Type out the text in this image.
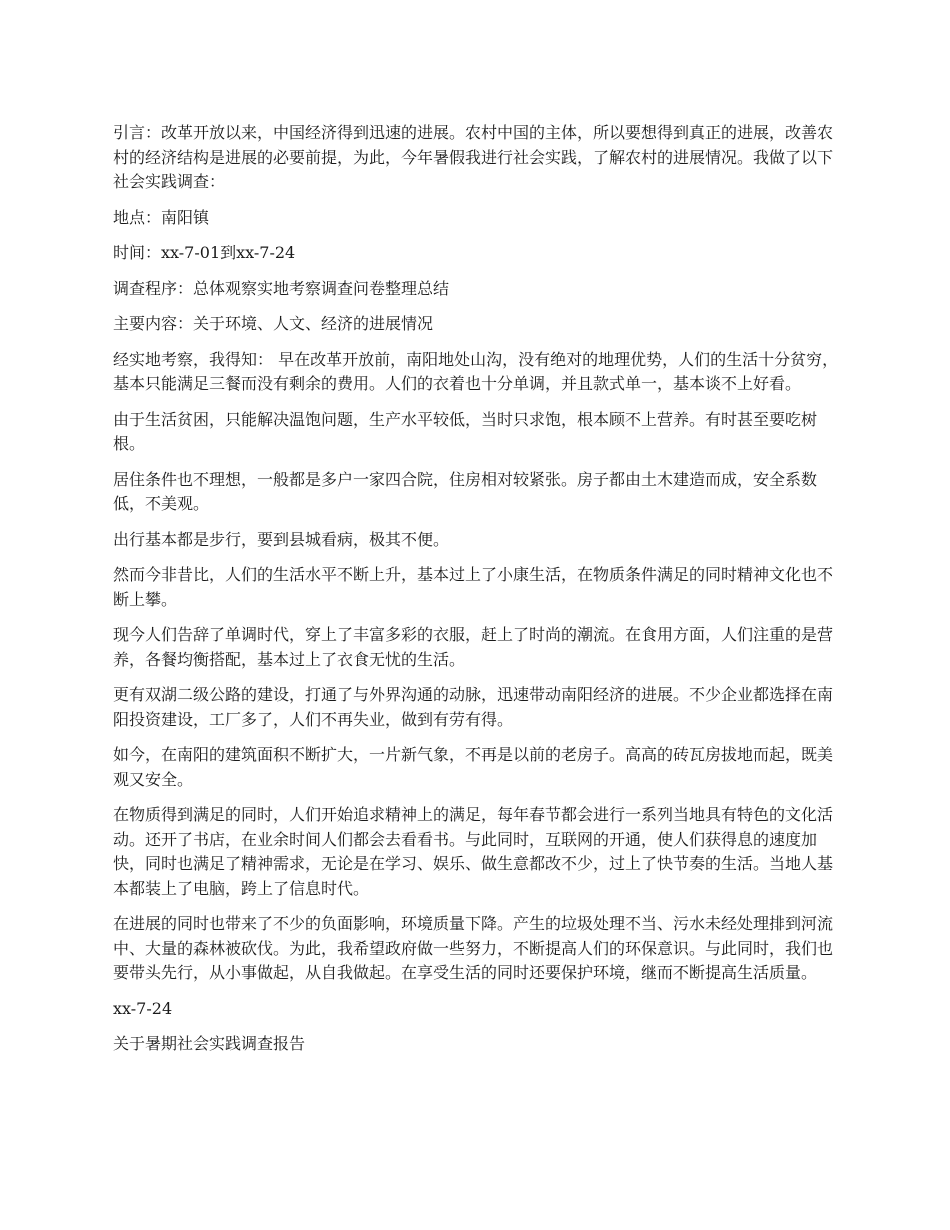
引言：改革开放以来，中国经济得到迅速的进展。农村中国的主体，所以要想得到真正的进展，改善农村的经济结构是进展的必要前提，为此，今年暑假我进行社会实践，了解农村的进展情况。我做了以下社会实践调查：

地点：南阳镇

时间：xx-7-01到xx-7-24

调查程序：总体观察实地考察调查问卷整理总结

主要内容：关于环境、人文、经济的进展情况

经实地考察，我得知： 早在改革开放前，南阳地处山沟，没有绝对的地理优势，人们的生活十分贫穷，基本只能满足三餐而没有剩余的费用。人们的衣着也十分单调，并且款式单一，基本谈不上好看。

由于生活贫困，只能解决温饱问题，生产水平较低，当时只求饱，根本顾不上营养。有时甚至要吃树根。

居住条件也不理想，一般都是多户一家四合院，住房相对较紧张。房子都由土木建造而成，安全系数低，不美观。

出行基本都是步行，要到县城看病，极其不便。

然而今非昔比，人们的生活水平不断上升，基本过上了小康生活，在物质条件满足的同时精神文化也不断上攀。

现今人们告辞了单调时代，穿上了丰富多彩的衣服，赶上了时尚的潮流。在食用方面，人们注重的是营养，各餐均衡搭配，基本过上了衣食无忧的生活。

更有双湖二级公路的建设，打通了与外界沟通的动脉，迅速带动南阳经济的进展。不少企业都选择在南阳投资建设，工厂多了，人们不再失业，做到有劳有得。

如今，在南阳的建筑面积不断扩大，一片新气象，不再是以前的老房子。高高的砖瓦房拔地而起，既美观又安全。

在物质得到满足的同时，人们开始追求精神上的满足，每年春节都会进行一系列当地具有特色的文化活动。还开了书店，在业余时间人们都会去看看书。与此同时，互联网的开通，使人们获得息的速度加快，同时也满足了精神需求，无论是在学习、娱乐、做生意都改不少，过上了快节奏的生活。当地人基本都装上了电脑，跨上了信息时代。

在进展的同时也带来了不少的负面影响，环境质量下降。产生的垃圾处理不当、污水未经处理排到河流中、大量的森林被砍伐。为此，我希望政府做一些努力，不断提高人们的环保意识。与此同时，我们也要带头先行，从小事做起，从自我做起。在享受生活的同时还要保护环境，继而不断提高生活质量。

xx-7-24

关于暑期社会实践调查报告
